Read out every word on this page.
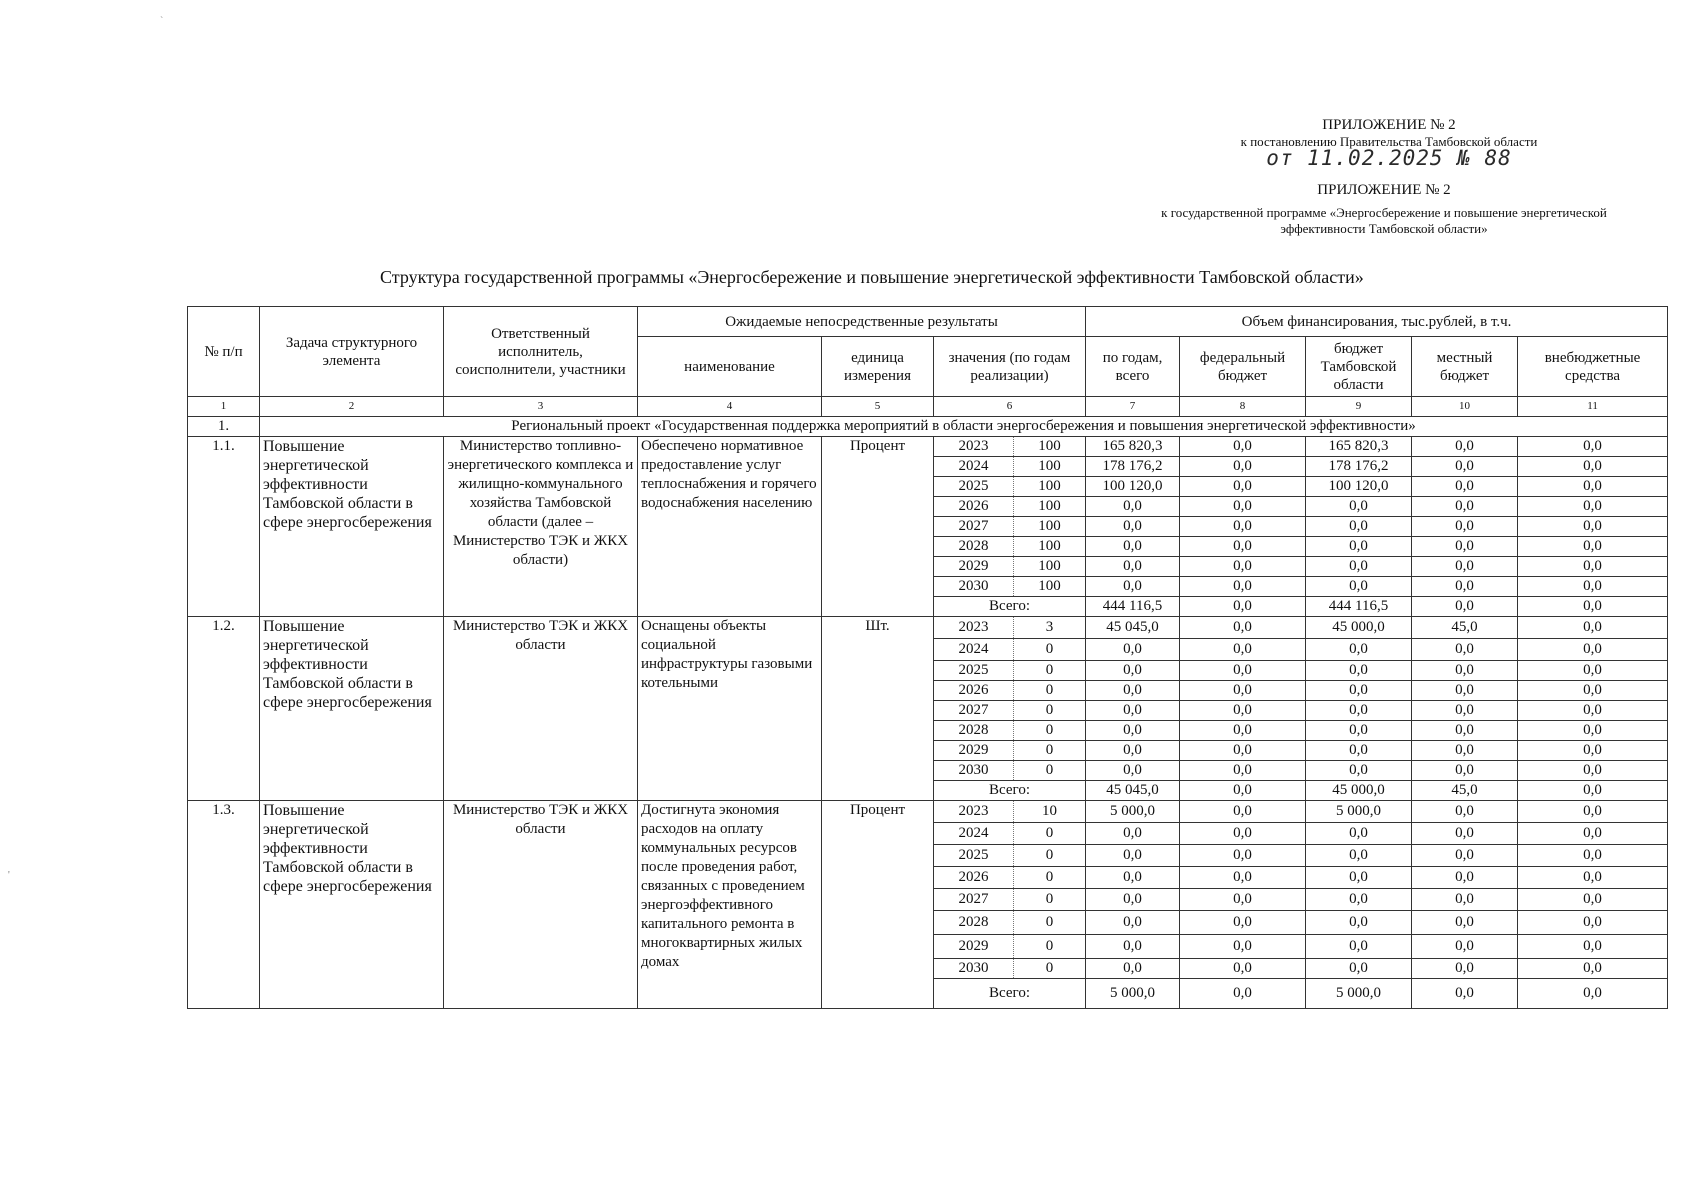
`
'
ПРИЛОЖЕНИЕ № 2
к постановлению Правительства Тамбовской области
от 11.02.2025 № 88
ПРИЛОЖЕНИЕ № 2
к государственной программе «Энергосбережение и повышение энергетической
эффективности Тамбовской области»
Структура государственной программы «Энергосбережение и повышение энергетической эффективности Тамбовской области»
№ п/п	Задача структурного элемента	Ответственный исполнитель, соисполнители, участники	Ожидаемые непосредственные результаты				Объем финансирования, тыс.рублей, в т.ч.				
			наименование	единица измерения	значения (по годам реализации)		по годам, всего	федеральный бюджет	бюджет Тамбовской области	местный бюджет	внебюджетные средства
1	2	3	4	5	6		7	8	9	10	11
1.	Региональный проект «Государственная поддержка мероприятий в области энергосбережения и повышения энергетической эффективности»										
1.1.	Повышение энергетической эффективности Тамбовской области в сфере энергосбережения	Министерство топливно-энергетического комплекса и жилищно-коммунального хозяйства Тамбовской области (далее – Министерство ТЭК и ЖКХ области)	Обеспечено нормативное предоставление услуг теплоснабжения и горячего водоснабжения населению	Процент	2023	100	165 820,3	0,0	165 820,3	0,0	0,0
					2024	100	178 176,2	0,0	178 176,2	0,0	0,0
					2025	100	100 120,0	0,0	100 120,0	0,0	0,0
					2026	100	0,0	0,0	0,0	0,0	0,0
					2027	100	0,0	0,0	0,0	0,0	0,0
					2028	100	0,0	0,0	0,0	0,0	0,0
					2029	100	0,0	0,0	0,0	0,0	0,0
					2030	100	0,0	0,0	0,0	0,0	0,0
					Всего:		444 116,5	0,0	444 116,5	0,0	0,0
1.2.	Повышение энергетической эффективности Тамбовской области в сфере энергосбережения	Министерство ТЭК и ЖКХ области	Оснащены объекты социальной инфраструктуры газовыми котельными	Шт.	2023	3	45 045,0	0,0	45 000,0	45,0	0,0
					2024	0	0,0	0,0	0,0	0,0	0,0
					2025	0	0,0	0,0	0,0	0,0	0,0
					2026	0	0,0	0,0	0,0	0,0	0,0
					2027	0	0,0	0,0	0,0	0,0	0,0
					2028	0	0,0	0,0	0,0	0,0	0,0
					2029	0	0,0	0,0	0,0	0,0	0,0
					2030	0	0,0	0,0	0,0	0,0	0,0
					Всего:		45 045,0	0,0	45 000,0	45,0	0,0
1.3.	Повышение энергетической эффективности Тамбовской области в сфере энергосбережения	Министерство ТЭК и ЖКХ области	Достигнута экономия расходов на оплату коммунальных ресурсов после проведения работ, связанных с проведением энергоэффективного капитального ремонта в многоквартирных жилых домах	Процент	2023	10	5 000,0	0,0	5 000,0	0,0	0,0
					2024	0	0,0	0,0	0,0	0,0	0,0
					2025	0	0,0	0,0	0,0	0,0	0,0
					2026	0	0,0	0,0	0,0	0,0	0,0
					2027	0	0,0	0,0	0,0	0,0	0,0
					2028	0	0,0	0,0	0,0	0,0	0,0
					2029	0	0,0	0,0	0,0	0,0	0,0
					2030	0	0,0	0,0	0,0	0,0	0,0
					Всего:		5 000,0	0,0	5 000,0	0,0	0,0
